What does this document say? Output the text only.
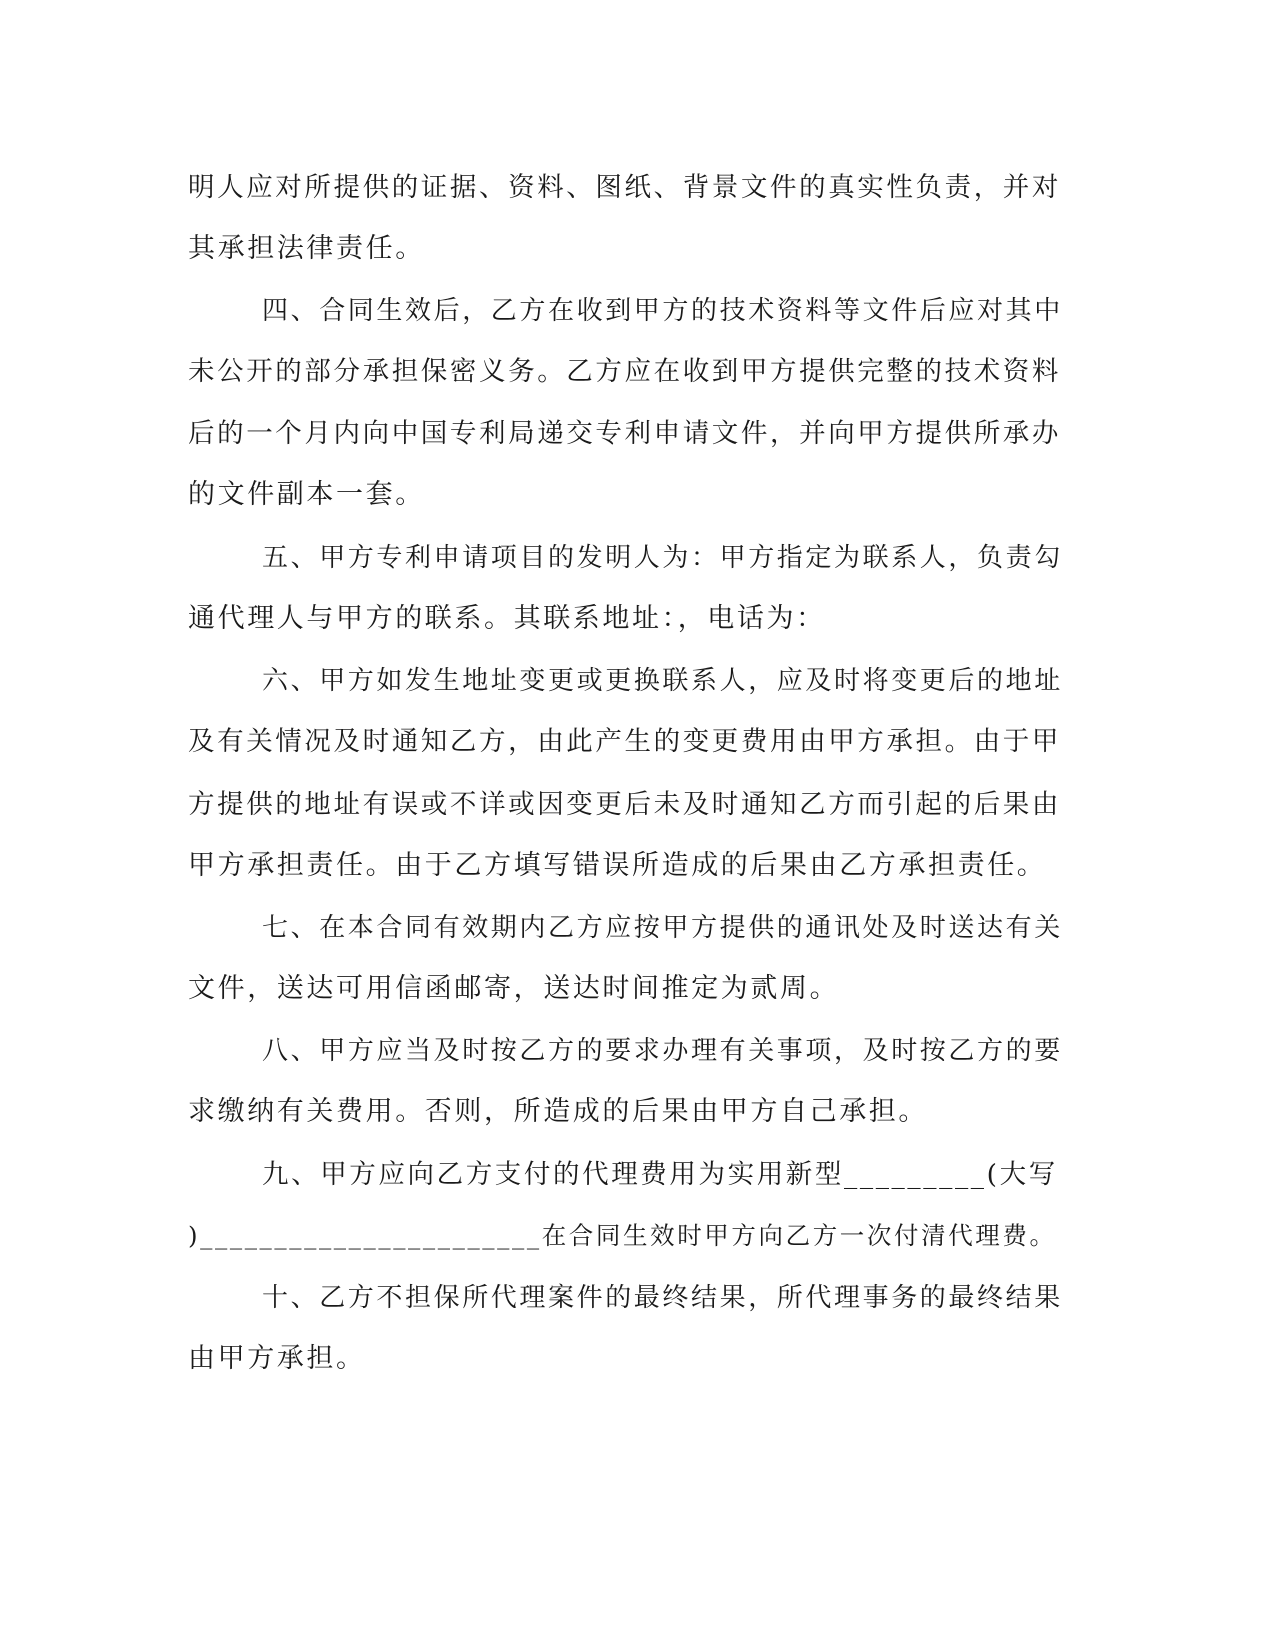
明人应对所提供的证据、资料、图纸、背景文件的真实性负责，并对
其承担法律责任。
四、合同生效后，乙方在收到甲方的技术资料等文件后应对其中
未公开的部分承担保密义务。乙方应在收到甲方提供完整的技术资料
后的一个月内向中国专利局递交专利申请文件，并向甲方提供所承办
的文件副本一套。
五、甲方专利申请项目的发明人为：甲方指定为联系人，负责勾
通代理人与甲方的联系。其联系地址：，电话为：
六、甲方如发生地址变更或更换联系人，应及时将变更后的地址
及有关情况及时通知乙方，由此产生的变更费用由甲方承担。由于甲
方提供的地址有误或不详或因变更后未及时通知乙方而引起的后果由
甲方承担责任。由于乙方填写错误所造成的后果由乙方承担责任。
七、在本合同有效期内乙方应按甲方提供的通讯处及时送达有关
文件，送达可用信函邮寄，送达时间推定为贰周。
八、甲方应当及时按乙方的要求办理有关事项，及时按乙方的要
求缴纳有关费用。否则，所造成的后果由甲方自己承担。
九、甲方应向乙方支付的代理费用为实用新型_________(大写
)_______________________在合同生效时甲方向乙方一次付清代理费。
十、乙方不担保所代理案件的最终结果，所代理事务的最终结果
由甲方承担。
